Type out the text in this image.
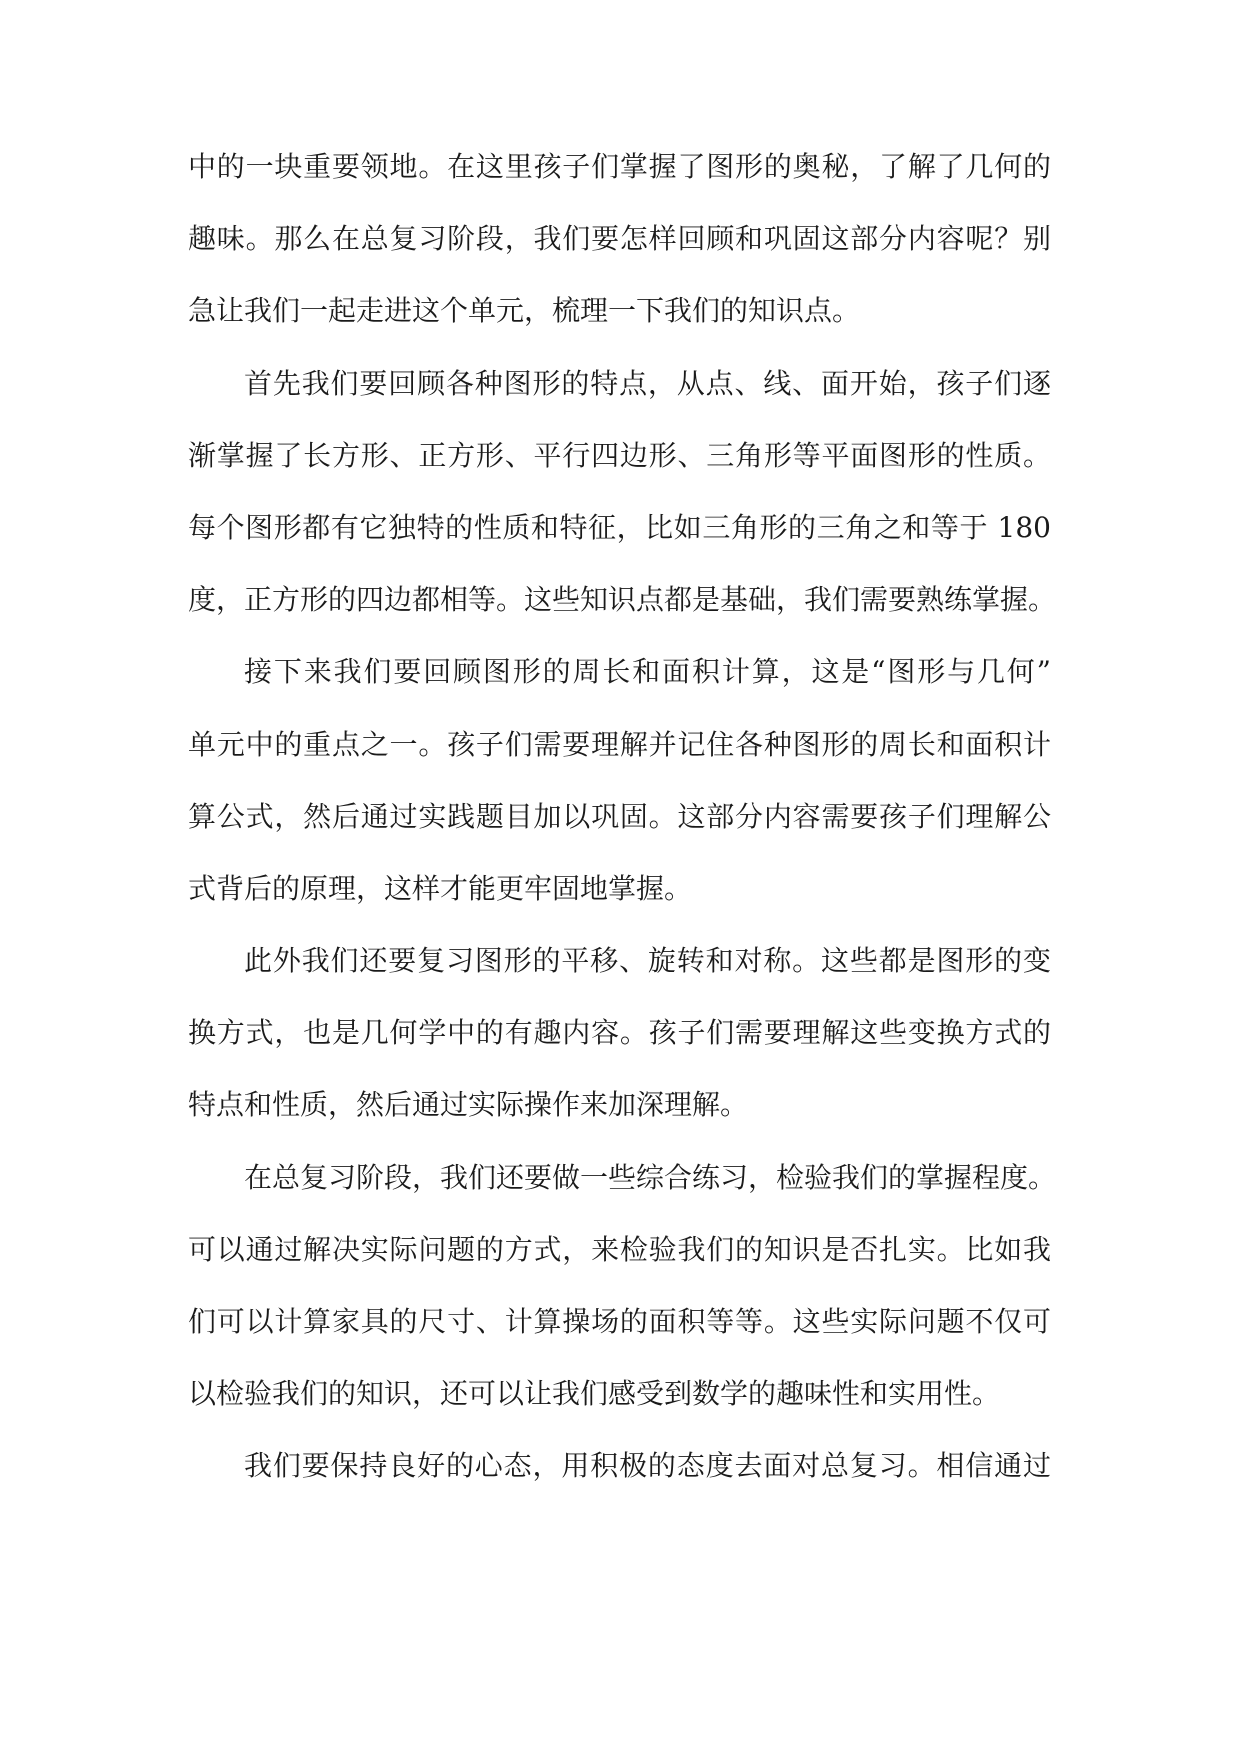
中的一块重要领地。在这里孩子们掌握了图形的奥秘，了解了几何的
趣味。那么在总复习阶段，我们要怎样回顾和巩固这部分内容呢？别
急让我们一起走进这个单元，梳理一下我们的知识点。
首先我们要回顾各种图形的特点，从点、线、面开始，孩子们逐
渐掌握了长方形、正方形、平行四边形、三角形等平面图形的性质。
每个图形都有它独特的性质和特征，比如三角形的三角之和等于 180
度，正方形的四边都相等。这些知识点都是基础，我们需要熟练掌握。
接下来我们要回顾图形的周长和面积计算，这是“图形与几何”
单元中的重点之一。孩子们需要理解并记住各种图形的周长和面积计
算公式，然后通过实践题目加以巩固。这部分内容需要孩子们理解公
式背后的原理，这样才能更牢固地掌握。
此外我们还要复习图形的平移、旋转和对称。这些都是图形的变
换方式，也是几何学中的有趣内容。孩子们需要理解这些变换方式的
特点和性质，然后通过实际操作来加深理解。
在总复习阶段，我们还要做一些综合练习，检验我们的掌握程度。
可以通过解决实际问题的方式，来检验我们的知识是否扎实。比如我
们可以计算家具的尺寸、计算操场的面积等等。这些实际问题不仅可
以检验我们的知识，还可以让我们感受到数学的趣味性和实用性。
我们要保持良好的心态，用积极的态度去面对总复习。相信通过
